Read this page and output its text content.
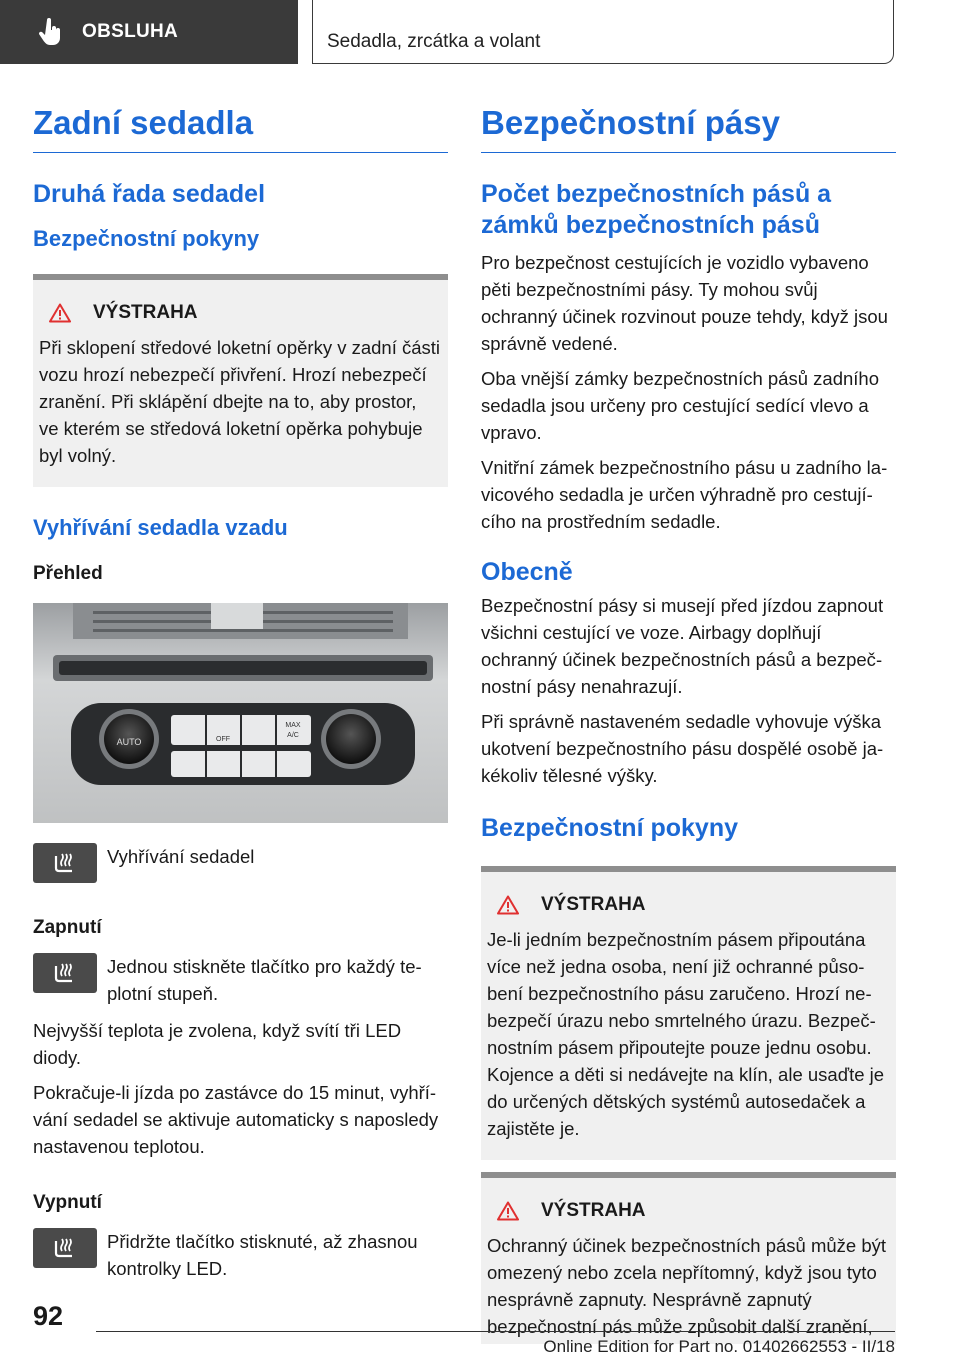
OBSLUHA	Sedadla, zrcátka a volant
Zadní sedadla
Druhá řada sedadel
Bezpečnostní pokyny
VÝSTRAHA

Při sklopení středové loketní opěrky v zadní části vozu hrozí nebezpečí přivření. Hrozí nebezpečí zranění. Při sklápění dbejte na to, aby prostor, ve kterém se středová loketní opěrka pohybuje byl volný.

Vyhřívání sedadla vzadu
Přehled
AUTO	OFF
MAX
A/C

Vyhřívání sedadel

Zapnutí

Jednou stiskněte tlačítko pro každý teplotní stupeň.

Nejvyšší teplota je zvolena, když svítí tři LED diody.

Pokračuje-li jízda po zastávce do 15 minut, vyhřívání sedadel se aktivuje automaticky s naposledy nastavenou teplotou.

Vypnutí

Přidržte tlačítko stisknuté, až zhasnou kontrolky LED.

Bezpečnostní pásy
Počet bezpečnostních pásů a zámků bezpečnostních pásů

Pro bezpečnost cestujících je vozidlo vybaveno pěti bezpečnostními pásy. Ty mohou svůj ochranný účinek rozvinout pouze tehdy, když jsou správně vedené.

Oba vnější zámky bezpečnostních pásů zadního sedadla jsou určeny pro cestující sedící vlevo a vpravo.

Vnitřní zámek bezpečnostního pásu u zadního lavicového sedadla je určen výhradně pro cestujícího na prostředním sedadle.

Obecně

Bezpečnostní pásy si musejí před jízdou zapnout všichni cestující ve voze. Airbagy doplňují ochranný účinek bezpečnostních pásů a bezpečnostní pásy nenahrazují.

Při správně nastaveném sedadle vyhovuje výška ukotvení bezpečnostního pásu dospělé osobě jakékoliv tělesné výšky.

Bezpečnostní pokyny
VÝSTRAHA

Je-li jedním bezpečnostním pásem připoutána více než jedna osoba, není již ochranné působení bezpečnostního pásu zaručeno. Hrozí nebezpečí úrazu nebo smrtelného úrazu. Bezpečnostním pásem připoutejte pouze jednu osobu. Kojence a děti si nedávejte na klín, ale usaďte je do určených dětských systémů autosedaček a zajistěte je.

VÝSTRAHA

Ochranný účinek bezpečnostních pásů může být omezený nebo zcela nepřítomný, když jsou tyto nesprávně zapnuty. Nesprávně zapnutý bezpečnostní pás může způsobit další zranění,

92
Online Edition for Part no. 01402662553 - II/18
